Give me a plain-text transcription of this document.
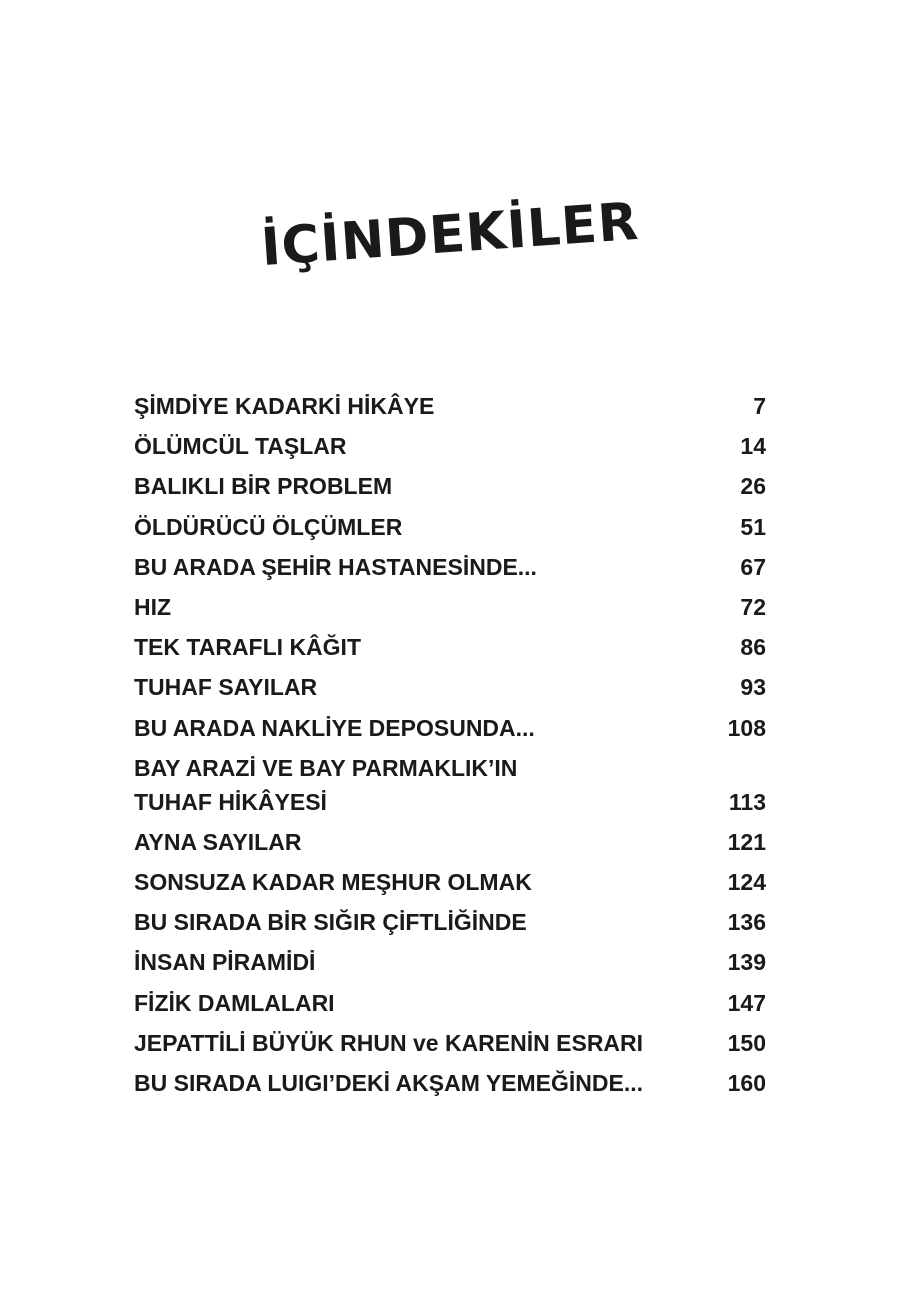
İÇİNDEKİLER
ŞİMDİYE KADARKİ HİKÂYE	7
ÖLÜMCÜL TAŞLAR	14
BALIKLI BİR PROBLEM	26
ÖLDÜRÜCÜ ÖLÇÜMLER	51
BU ARADA ŞEHİR HASTANESİNDE...	67
HIZ	72
TEK TARAFLI KÂĞIT	86
TUHAF SAYILAR	93
BU ARADA NAKLİYE DEPOSUNDA...	108
BAY ARAZİ VE BAY PARMAKLIK’IN
TUHAF HİKÂYESİ	113
AYNA SAYILAR	121
SONSUZA KADAR MEŞHUR OLMAK	124
BU SIRADA BİR SIĞIR ÇİFTLİĞİNDE	136
İNSAN PİRAMİDİ	139
FİZİK DAMLALARI	147
JEPATTİLİ BÜYÜK RHUN ve KARENİN ESRARI	150
BU SIRADA LUIGI’DEKİ AKŞAM YEMEĞİNDE...	160
